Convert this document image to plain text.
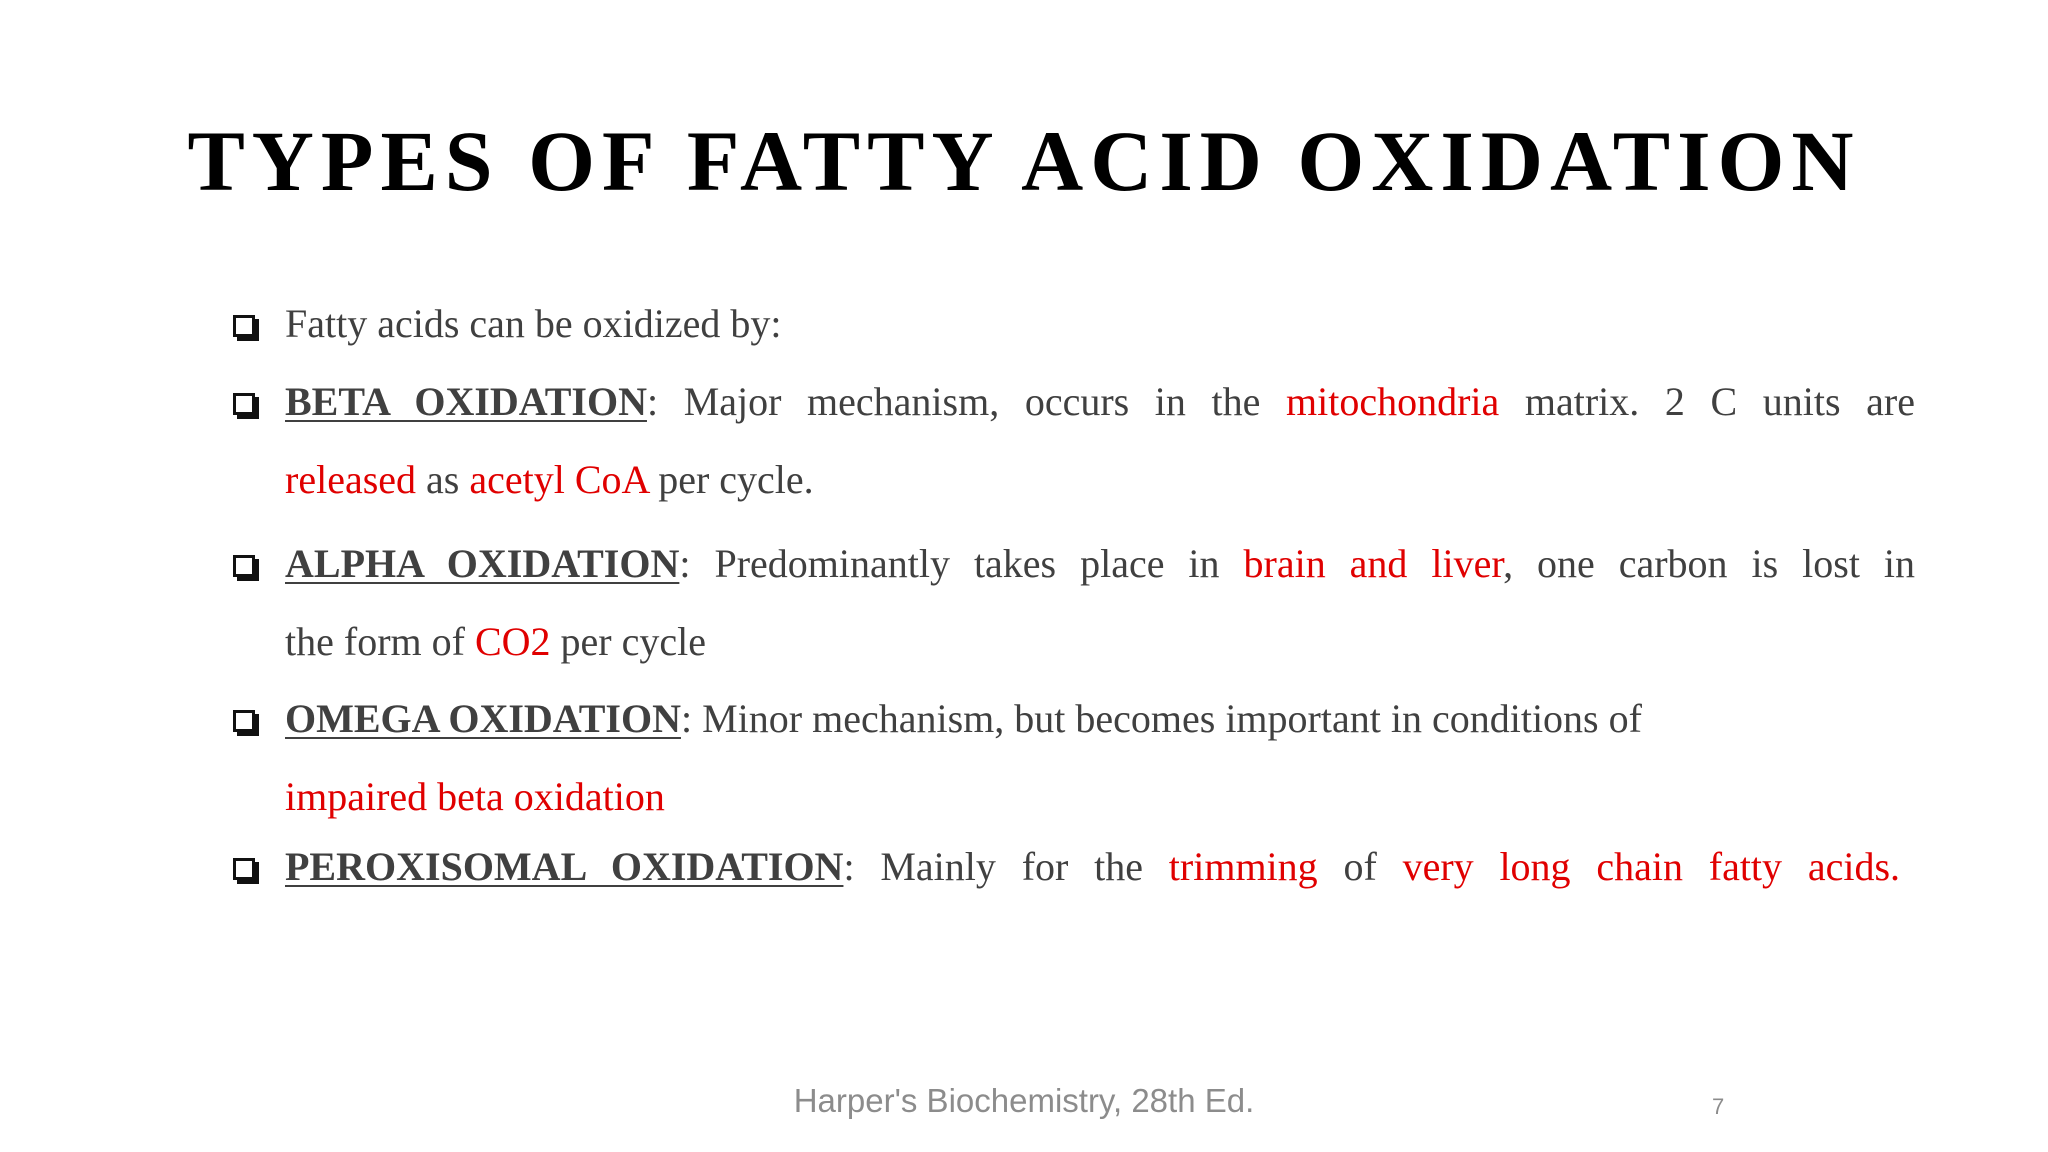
TYPES OF FATTY ACID OXIDATION
Fatty acids can be oxidized by:
BETA OXIDATION: Major mechanism, occurs in the mitochondria matrix. 2 C units are
released as acetyl CoA per cycle.
ALPHA OXIDATION: Predominantly takes place in brain and liver, one carbon is lost in
the form of CO2 per cycle
OMEGA OXIDATION: Minor mechanism, but becomes important in conditions of
impaired beta oxidation
PEROXISOMAL OXIDATION: Mainly for the trimming of very long chain fatty acids.
Harper's Biochemistry, 28th Ed.	7
